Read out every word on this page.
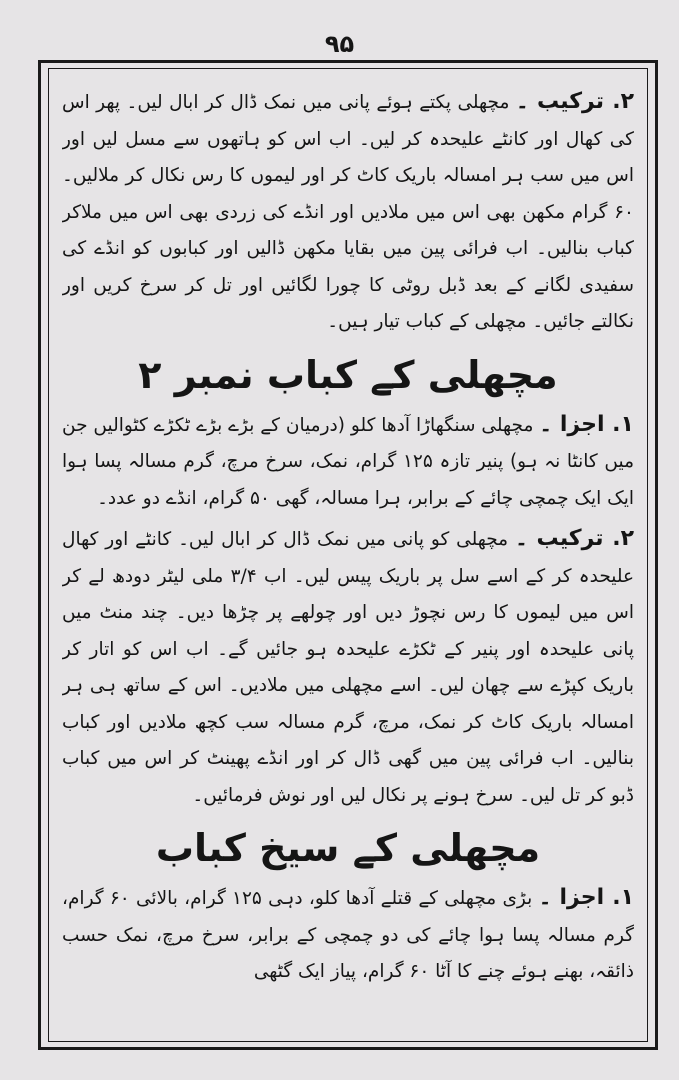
۹۵

۲. ترکیب ۔ مچھلی پکتے ہوئے پانی میں نمک ڈال کر ابال لیں۔ پھر اس کی کھال اور کانٹے علیحدہ کر لیں۔ اب اس کو ہاتھوں سے مسل لیں اور اس میں سب ہر امسالہ باریک کاٹ کر اور لیموں کا رس نکال کر ملالیں۔ ۶۰ گرام مکھن بھی اس میں ملادیں اور انڈے کی زردی بھی اس میں ملاکر کباب بنالیں۔ اب فرائی پین میں بقایا مکھن ڈالیں اور کبابوں کو انڈے کی سفیدی لگانے کے بعد ڈبل روٹی کا چورا لگائیں اور تل کر سرخ کریں اور نکالتے جائیں۔ مچھلی کے کباب تیار ہیں۔

مچھلی کے کباب نمبر ۲

۱. اجزا ۔ مچھلی سنگھاڑا آدھا کلو (درمیان کے بڑے بڑے ٹکڑے کٹوالیں جن میں کانٹا نہ ہو) پنیر تازہ ۱۲۵ گرام، نمک، سرخ مرچ، گرم مسالہ پسا ہوا ایک ایک چمچی چائے کے برابر، ہرا مسالہ، گھی ۵۰ گرام، انڈے دو عدد۔

۲. ترکیب ۔ مچھلی کو پانی میں نمک ڈال کر ابال لیں۔ کانٹے اور کھال علیحدہ کر کے اسے سل پر باریک پیس لیں۔ اب ۳/۴ ملی لیٹر دودھ لے کر اس میں لیموں کا رس نچوڑ دیں اور چولھے پر چڑھا دیں۔ چند منٹ میں پانی علیحدہ اور پنیر کے ٹکڑے علیحدہ ہو جائیں گے۔ اب اس کو اتار کر باریک کپڑے سے چھان لیں۔ اسے مچھلی میں ملادیں۔ اس کے ساتھ ہی ہر امسالہ باریک کاٹ کر نمک، مرچ، گرم مسالہ سب کچھ ملادیں اور کباب بنالیں۔ اب فرائی پین میں گھی ڈال کر اور انڈے پھینٹ کر اس میں کباب ڈبو کر تل لیں۔ سرخ ہونے پر نکال لیں اور نوش فرمائیں۔

مچھلی کے سیخ کباب

۱. اجزا ۔ بڑی مچھلی کے قتلے آدھا کلو، دہی ۱۲۵ گرام، بالائی ۶۰ گرام، گرم مسالہ پسا ہوا چائے کی دو چمچی کے برابر، سرخ مرچ، نمک حسب ذائقہ، بھنے ہوئے چنے کا آٹا ۶۰ گرام، پیاز ایک گٹھی
